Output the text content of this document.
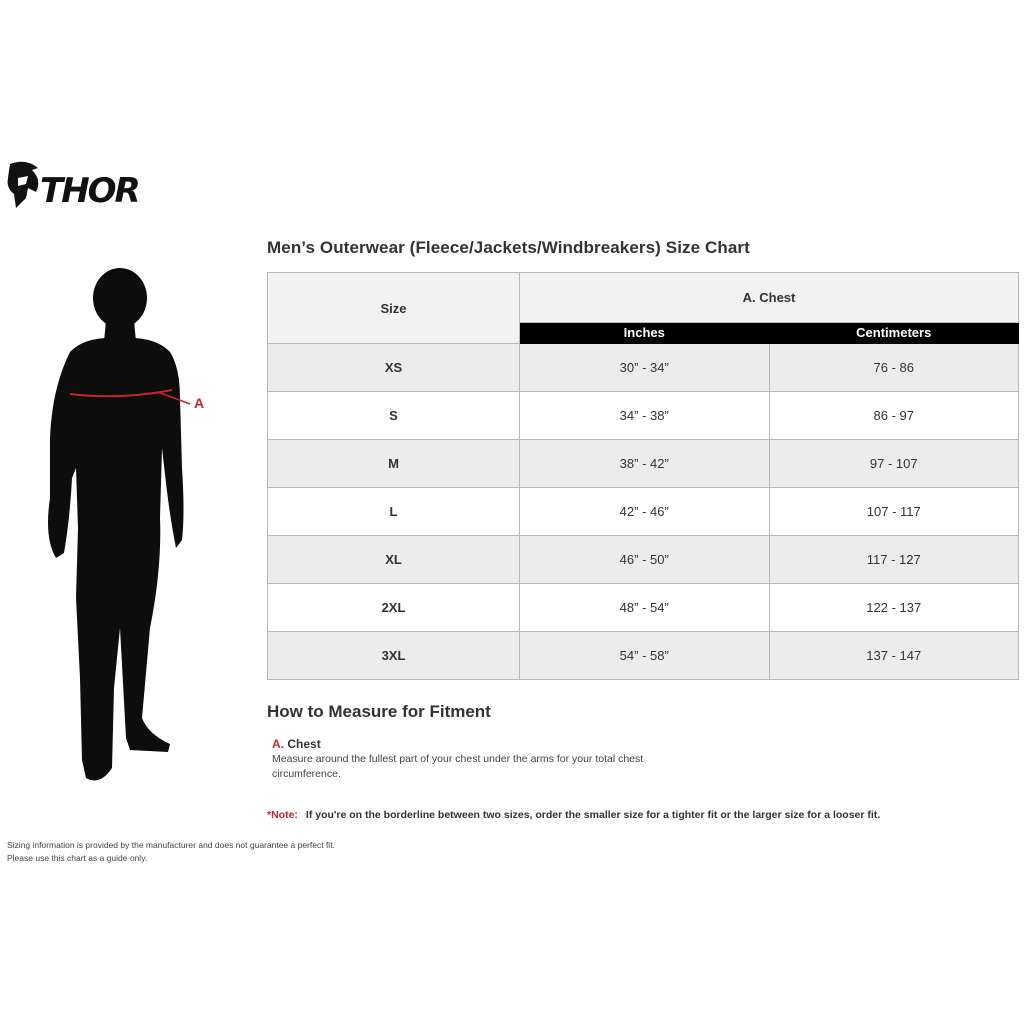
THOR
A
Men’s Outerwear (Fleece/Jackets/Windbreakers) Size Chart
Size	A. Chest	
	Inches	Centimeters
XS	30” - 34”	76 - 86
S	34” - 38”	86 - 97
M	38” - 42”	97 - 107
L	42” - 46”	107 - 117
XL	46” - 50”	117 - 127
2XL	48” - 54”	122 - 137
3XL	54” - 58”	137 - 147
How to Measure for Fitment
A. Chest
Measure around the fullest part of your chest under the arms for your total chest circumference.
*Note: If you're on the borderline between two sizes, order the smaller size for a tighter fit or the larger size for a looser fit.
Sizing information is provided by the manufacturer and does not guarantee a perfect fit.
Please use this chart as a guide only.
